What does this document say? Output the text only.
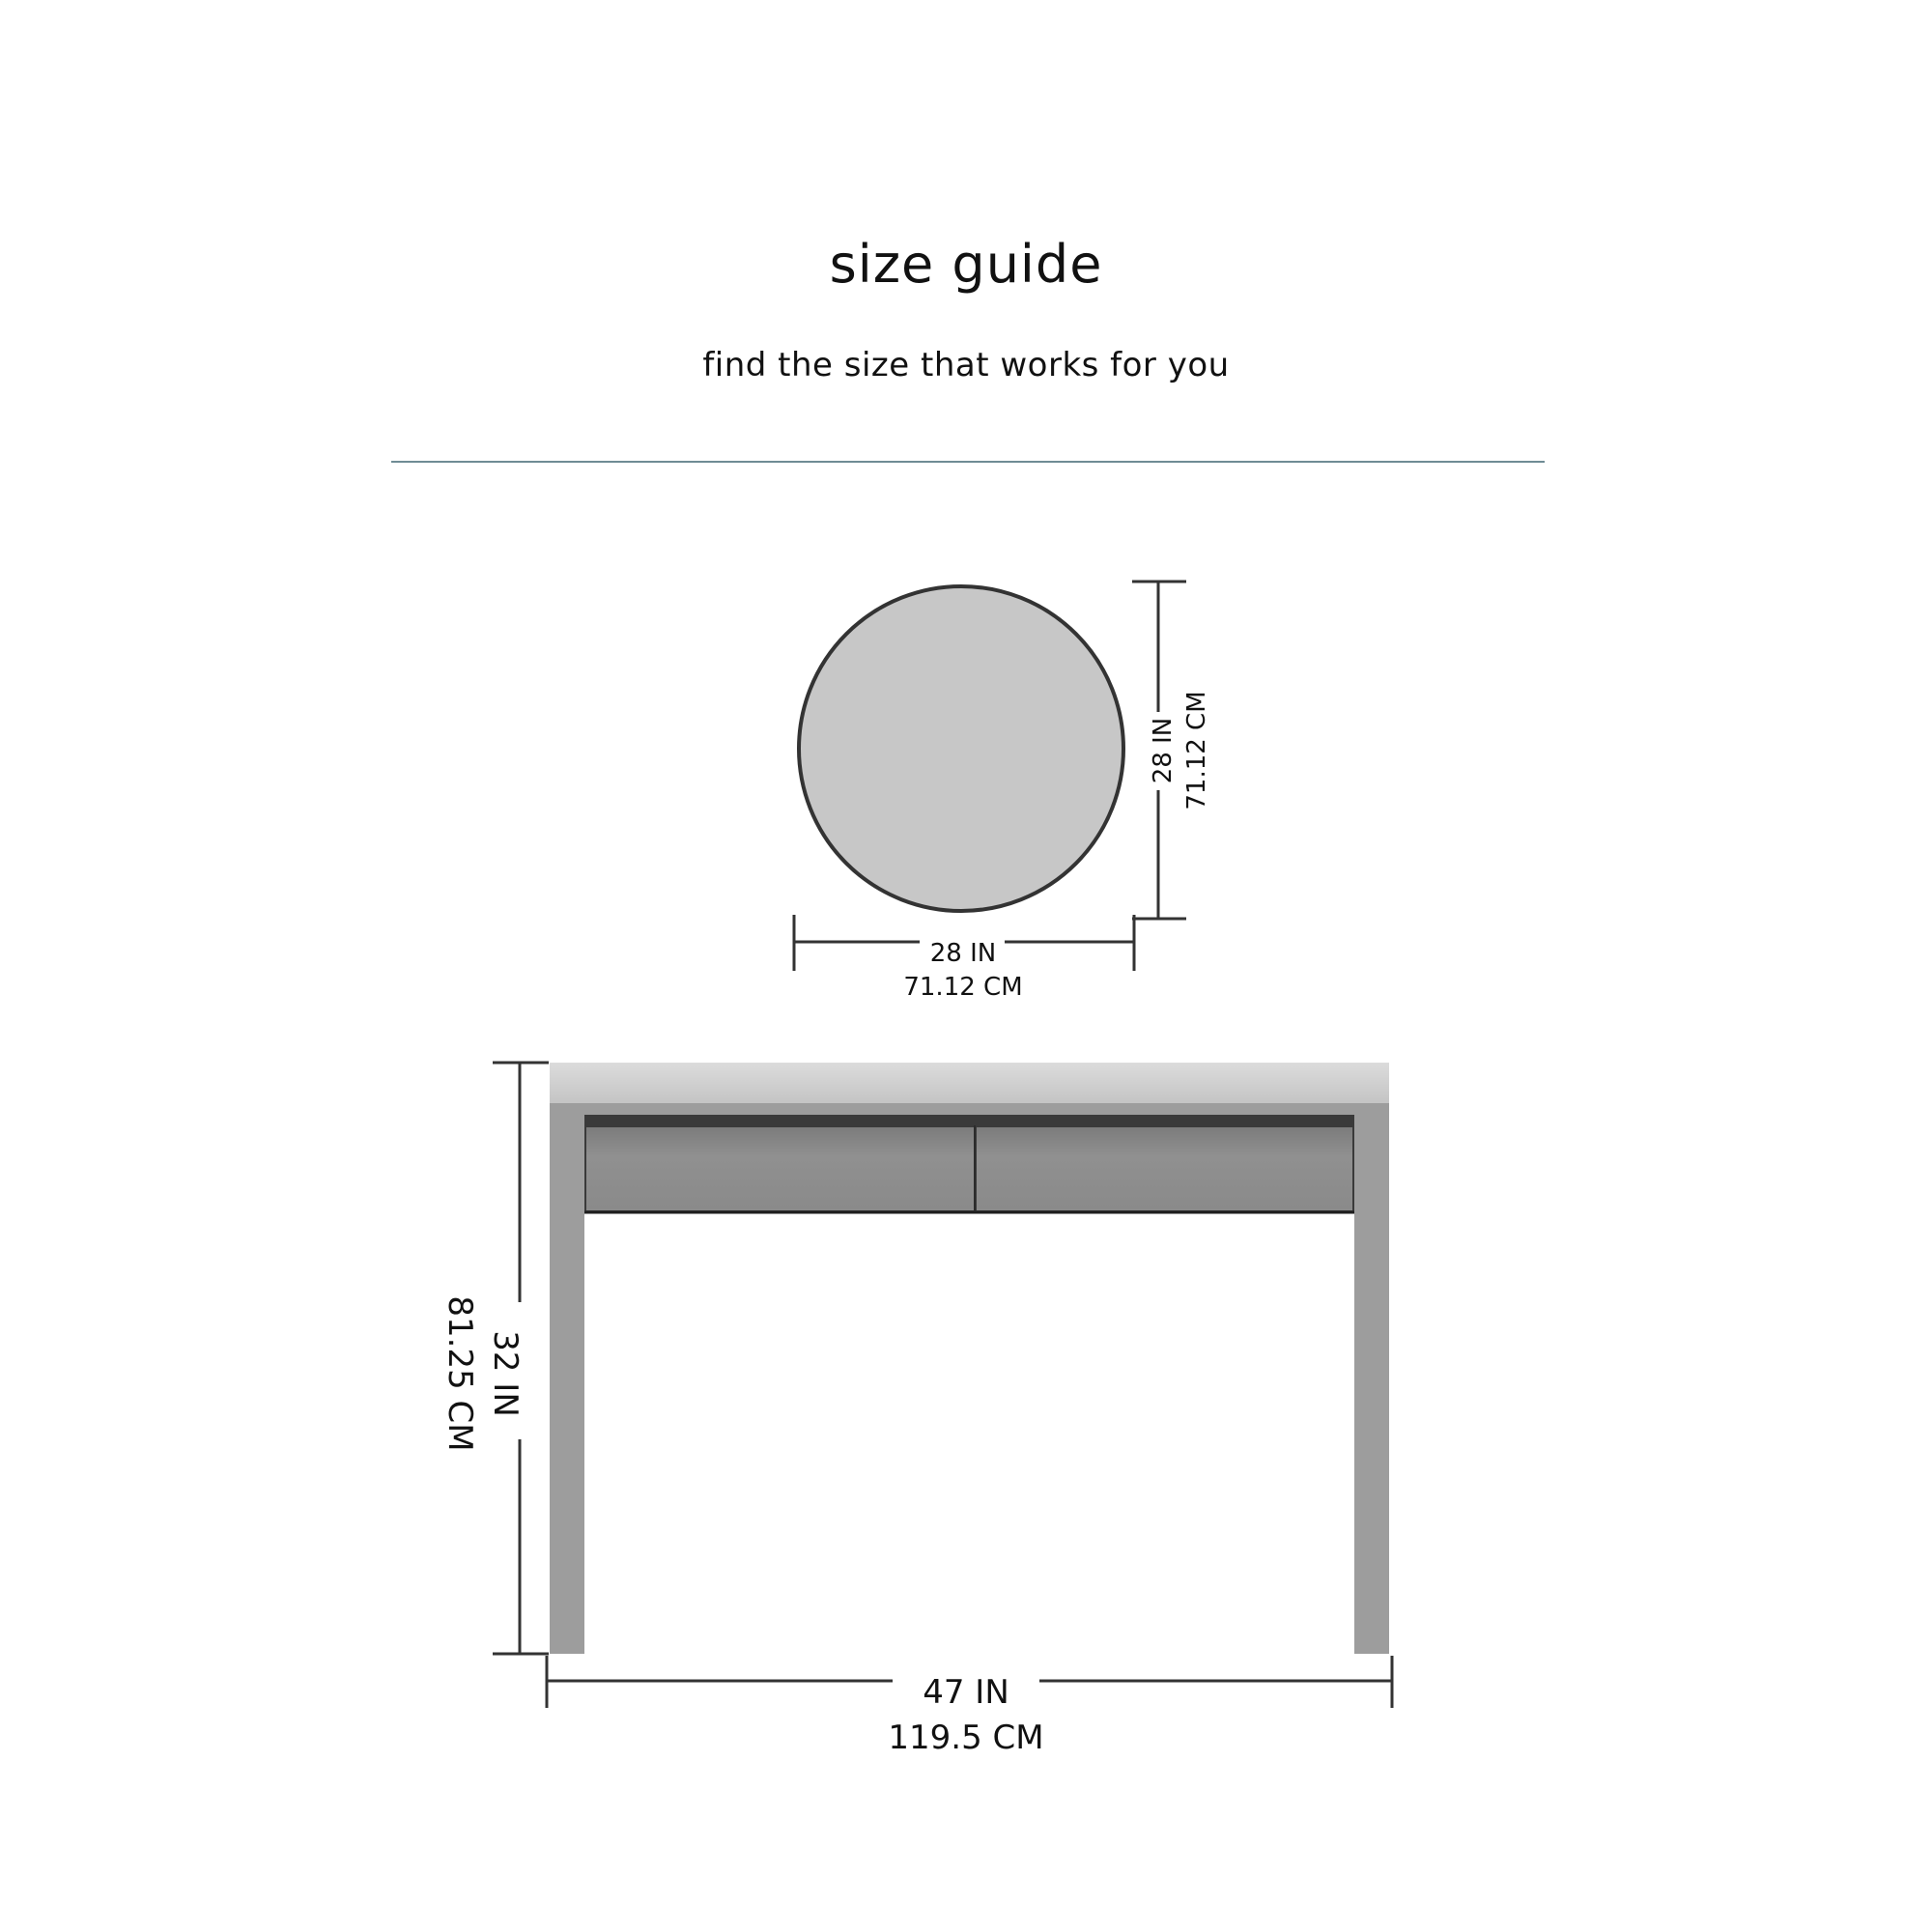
size guide

find the size that works for you

28 IN
71.12 CM
28 IN 71.12 CM
32 IN
81.25 CM
47 IN
119.5 CM
